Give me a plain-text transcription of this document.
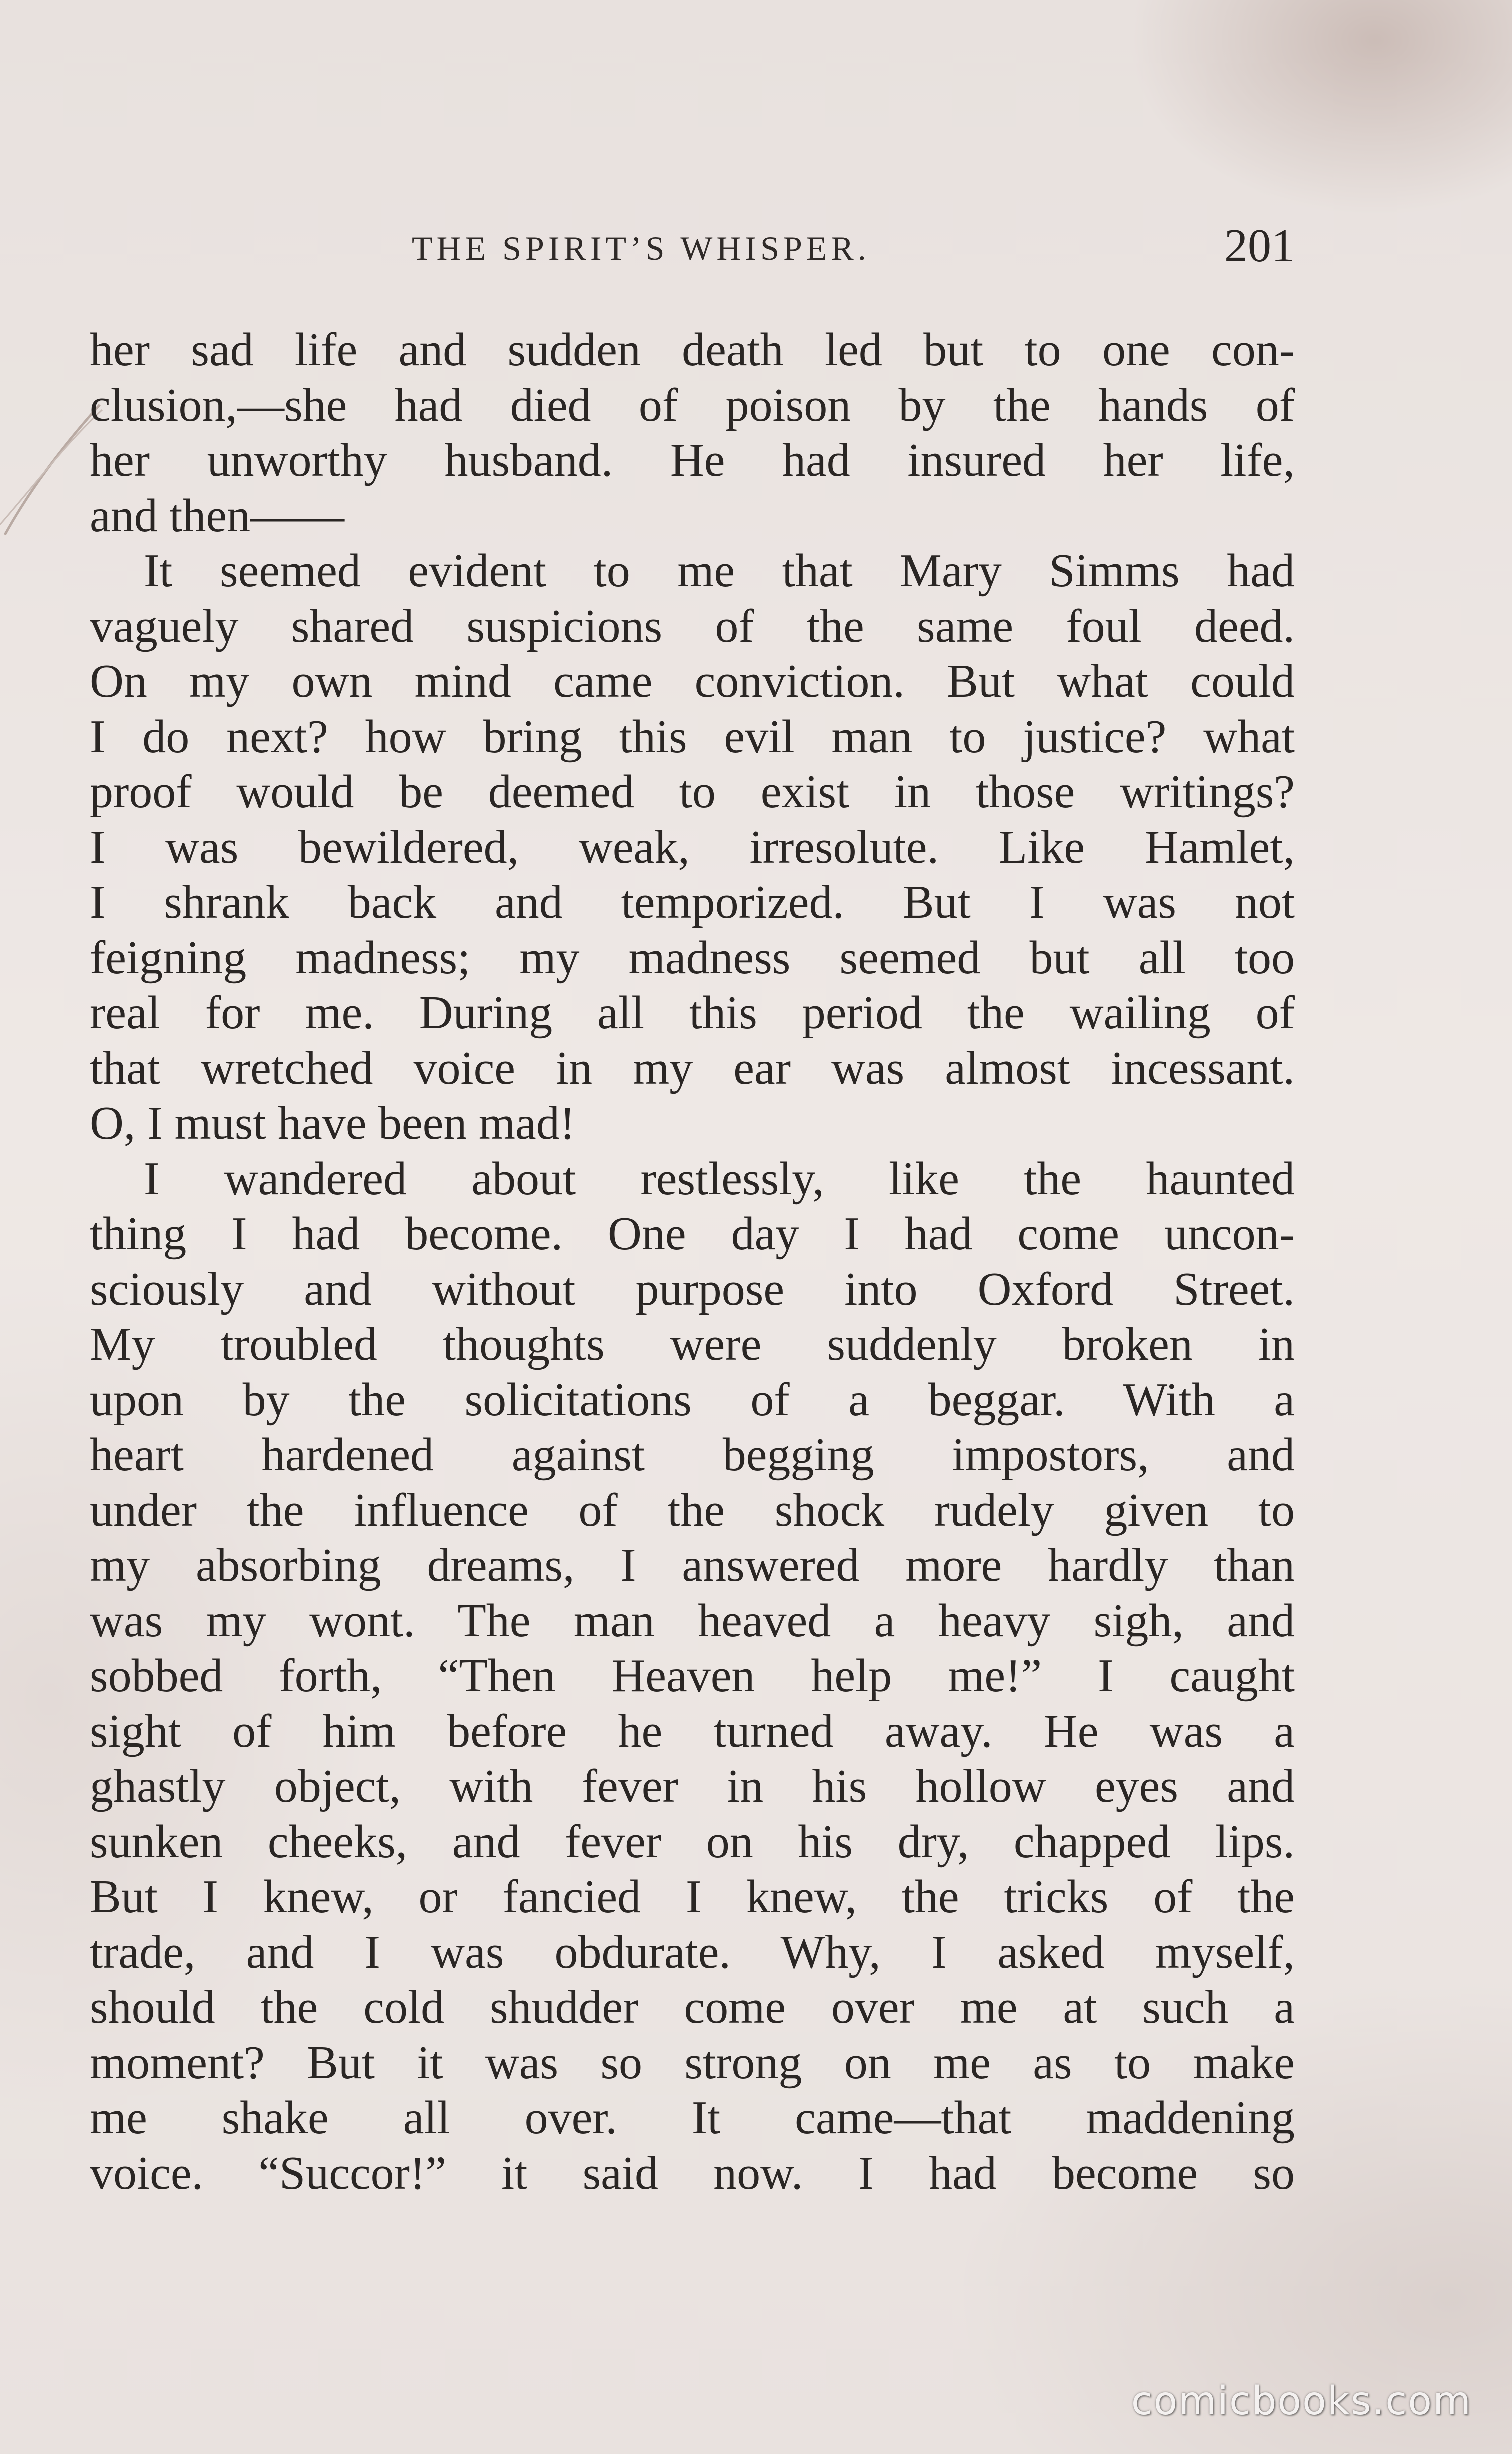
THE SPIRIT’S WHISPER.	201
her sad life and sudden death led but to one con-
clusion,—she had died of poison by the hands of
her unworthy husband. He had insured her life,
and then——
It seemed evident to me that Mary Simms had
vaguely shared suspicions of the same foul deed.
On my own mind came conviction. But what could
I do next? how bring this evil man to justice? what
proof would be deemed to exist in those writings?
I was bewildered, weak, irresolute. Like Hamlet,
I shrank back and temporized. But I was not
feigning madness; my madness seemed but all too
real for me. During all this period the wailing of
that wretched voice in my ear was almost incessant.
O, I must have been mad!
I wandered about restlessly, like the haunted
thing I had become. One day I had come uncon-
sciously and without purpose into Oxford Street.
My troubled thoughts were suddenly broken in
upon by the solicitations of a beggar. With a
heart hardened against begging impostors, and
under the influence of the shock rudely given to
my absorbing dreams, I answered more hardly than
was my wont. The man heaved a heavy sigh, and
sobbed forth, “Then Heaven help me!” I caught
sight of him before he turned away. He was a
ghastly object, with fever in his hollow eyes and
sunken cheeks, and fever on his dry, chapped lips.
But I knew, or fancied I knew, the tricks of the
trade, and I was obdurate. Why, I asked myself,
should the cold shudder come over me at such a
moment? But it was so strong on me as to make
me shake all over. It came—that maddening
voice. “Succor!” it said now. I had become so
comicbooks.com
